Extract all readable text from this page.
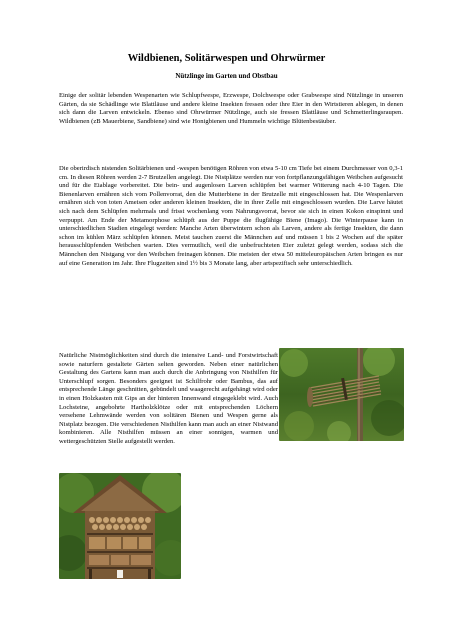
Wildbienen, Solitärwespen und Ohrwürmer
Nützlinge im Garten und Obstbau

Einige der solitär lebenden Wespenarten wie Schlupfwespe, Erzwespe, Dolchwespe oder Grabwespe sind Nützlinge in unseren Gärten, da sie Schädlinge wie Blattläuse und andere kleine Insekten fressen oder ihre Eier in den Wirtstieren ablegen, in denen sich dann die Larven entwickeln. Ebenso sind Ohrwürmer Nützlinge, auch sie fressen Blattläuse und Schmetterlingsraupen. Wildbienen (zB Mauerbiene, Sandbiene) sind wie Honigbienen und Hummeln wichtige Blütenbestäuber.

Die oberirdisch nistenden Solitärbienen und -wespen benötigen Röhren von etwa 5-10 cm Tiefe bei einem Durchmesser von 0,3-1 cm. In diesen Röhren werden 2-7 Brutzellen angelegt. Die Nistplätze werden nur von fortpflanzungsfähigen Weibchen aufgesucht und für die Eiablage vorbereitet. Die bein- und augenlosen Larven schlüpfen bei warmer Witterung nach 4-10 Tagen. Die Bienenlarven ernähren sich vom Pollenvorrat, den die Mutterbiene in der Brutzelle mit eingeschlossen hat. Die Wespenlarven ernähren sich von toten Ameisen oder anderen kleinen Insekten, die in ihrer Zelle mit eingeschlossen wurden. Die Larve häutet sich nach dem Schlüpfen mehrmals und frisst wochenlang vom Nahrungsvorrat, bevor sie sich in einen Kokon einspinnt und verpuppt. Am Ende der Metamorphose schlüpft aus der Puppe die flugfähige Biene (Imago). Die Winterpause kann in unterschiedlichen Stadien eingelegt werden: Manche Arten überwintern schon als Larven, andere als fertige Insekten, die dann schon im kühlen März schlüpfen können. Meist tauchen zuerst die Männchen auf und müssen 1 bis 2 Wochen auf die später herausschlüpfenden Weibchen warten. Dies vermutlich, weil die unbefruchteten Eier zuletzt gelegt werden, sodass sich die Männchen den Nistgang vor den Weibchen freinagen können. Die meisten der etwa 50 mitteleuropäischen Arten bringen es nur auf eine Generation im Jahr. Ihre Flugzeiten sind 1½ bis 3 Monate lang, aber artspezifisch sehr unterschiedlich.

Natürliche Nistmöglichkeiten sind durch die intensive Land- und Forstwirtschaft sowie naturfern gestaltete Gärten selten geworden. Neben einer natürlichen Gestaltung des Gartens kann man auch durch die Anbringung von Nisthilfen für Unterschlupf sorgen. Besonders geeignet ist Schilfrohr oder Bambus, das auf entsprechende Länge geschnitten, gebündelt und waagerecht aufgehängt wird oder in einen Holzkasten mit Gips an der hinteren Innenwand eingegeklebt wird. Auch Lochsteine, angebohrte Hartholzklötze oder mit entsprechenden Löchern versehene Lehmwände werden von solitären Bienen und Wespen gerne als Nistplatz bezogen. Die verschiedenen Nisthilfen kann man auch an einer Nistwand kombinieren. Alle Nisthilfen müssen an einer sonnigen, warmen und wettergeschützten Stelle aufgestellt werden.
